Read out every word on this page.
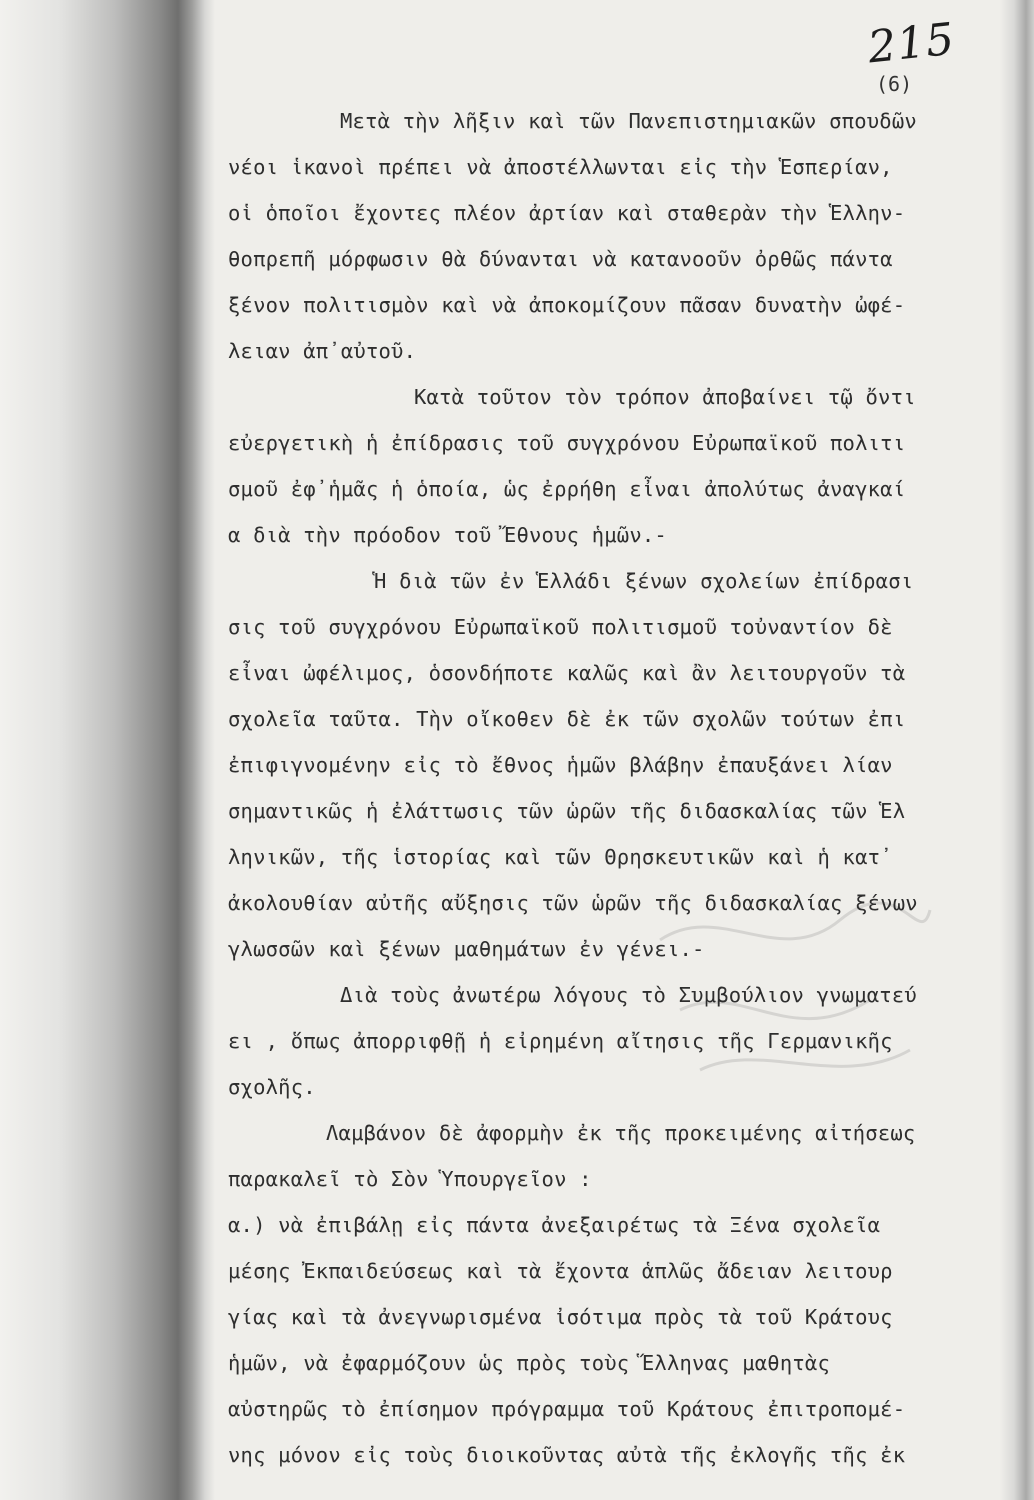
215
(6)
Μετὰ τὴν λῆξιν καὶ τῶν Πανεπιστημιακῶν σπουδῶν
νέοι ἱκανοὶ πρέπει νὰ ἀποστέλλωνται εἰς τὴν Ἑσπερίαν,
οἱ ὁποῖοι ἔχοντες πλέον ἀρτίαν καὶ σταθερὰν τὴν Ἑλλην-
θοπρεπῆ μόρφωσιν θὰ δύνανται νὰ κατανοοῦν ὀρθῶς πάντα
ξένον πολιτισμὸν καὶ νὰ ἀποκομίζουν πᾶσαν δυνατὴν ὠφέ-
λειαν ἀπ᾽αὐτοῦ.
Κατὰ τοῦτον τὸν τρόπον ἀποβαίνει τῷ ὄντι
εὐεργετικὴ ἡ ἐπίδρασις τοῦ συγχρόνου Εὐρωπαϊκοῦ πολιτι
σμοῦ ἐφ᾽ἡμᾶς ἡ ὁποία, ὡς ἐρρήθη εἶναι ἀπολύτως ἀναγκαί
α διὰ τὴν πρόοδον τοῦ Ἔθνους ἡμῶν.-
Ἡ διὰ τῶν ἐν Ἑλλάδι ξένων σχολείων ἐπίδρασι
σις τοῦ συγχρόνου Εὐρωπαϊκοῦ πολιτισμοῦ τοὐναντίον δὲ
εἶναι ὠφέλιμος, ὁσονδήποτε καλῶς καὶ ἂν λειτουργοῦν τὰ
σχολεῖα ταῦτα. Τὴν οἴκοθεν δὲ ἐκ τῶν σχολῶν τούτων ἐπι
ἐπιφιγνομένην εἰς τὸ ἔθνος ἡμῶν βλάβην ἐπαυξάνει λίαν
σημαντικῶς ἡ ἐλάττωσις τῶν ὡρῶν τῆς διδασκαλίας τῶν Ἑλ
ληνικῶν, τῆς ἱστορίας καὶ τῶν Θρησκευτικῶν καὶ ἡ κατ᾽
ἀκολουθίαν αὐτῆς αὔξησις τῶν ὡρῶν τῆς διδασκαλίας ξένων
γλωσσῶν καὶ ξένων μαθημάτων ἐν γένει.-
Διὰ τοὺς ἀνωτέρω λόγους τὸ Συμβούλιον γνωματεύ
ει , ὅπως ἀπορριφθῇ ἡ εἰρημένη αἴτησις τῆς Γερμανικῆς
σχολῆς.
Λαμβάνον δὲ ἀφορμὴν ἐκ τῆς προκειμένης αἰτήσεως
παρακαλεῖ τὸ Σὸν Ὑπουργεῖον :
α.) νὰ ἐπιβάλῃ εἰς πάντα ἀνεξαιρέτως τὰ Ξένα σχολεῖα
μέσης Ἐκπαιδεύσεως καὶ τὰ ἔχοντα ἁπλῶς ἄδειαν λειτουρ
γίας καὶ τὰ ἀνεγνωρισμένα ἰσότιμα πρὸς τὰ τοῦ Κράτους
ἡμῶν, νὰ ἐφαρμόζουν ὡς πρὸς τοὺς Ἕλληνας μαθητὰς
αὐστηρῶς τὸ ἐπίσημον πρόγραμμα τοῦ Κράτους ἐπιτροπομέ-
νης μόνον εἰς τοὺς διοικοῦντας αὐτὰ τῆς ἐκλογῆς τῆς ἐκ
